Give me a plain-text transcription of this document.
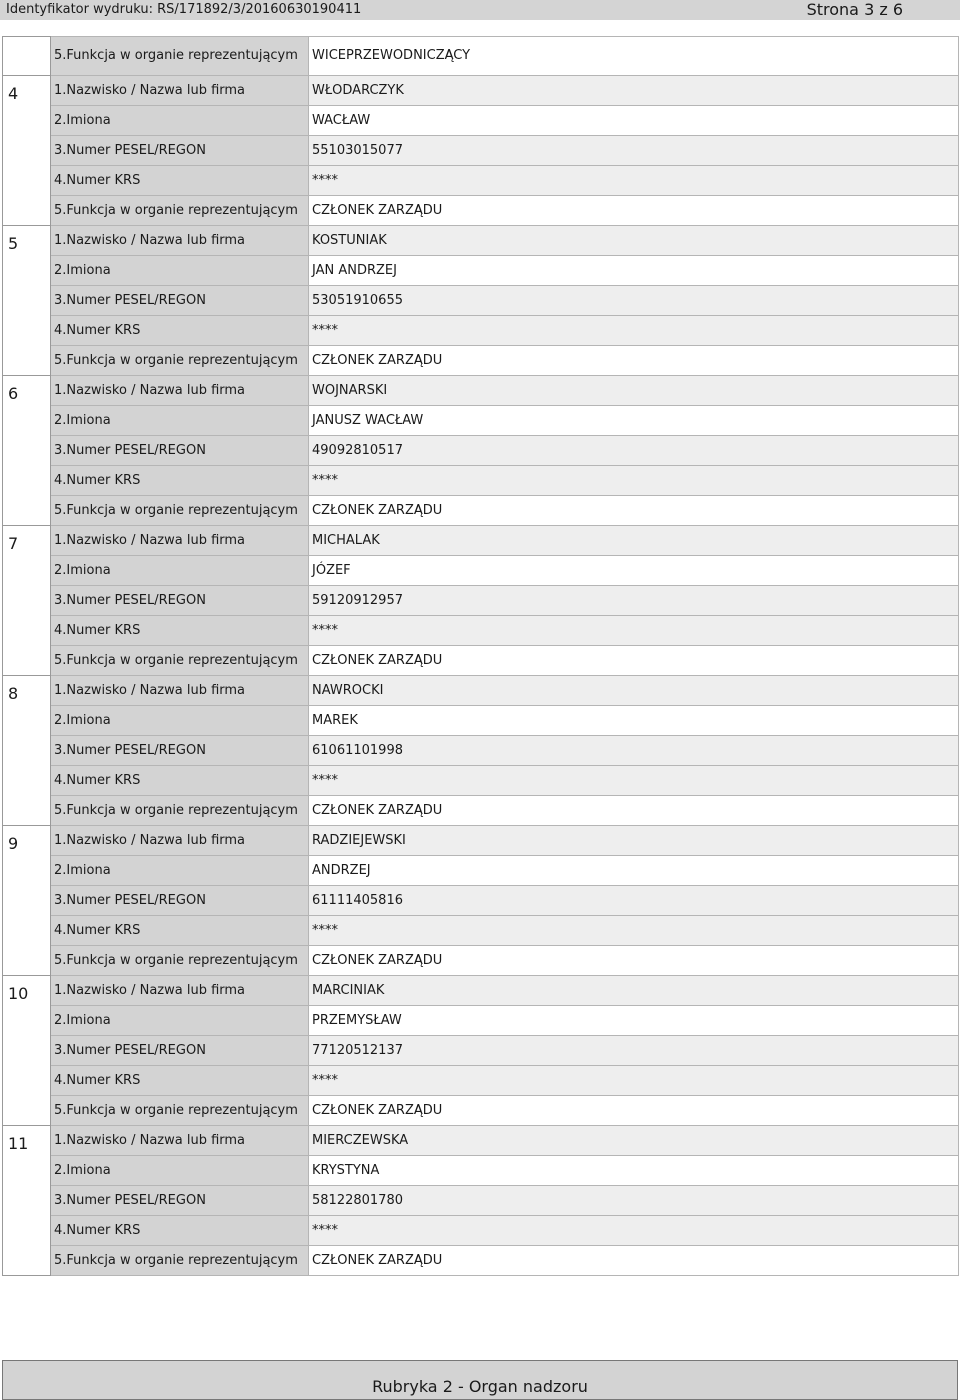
Identyfikator wydruku: RS/171892/3/20160630190411	Strona 3 z 6
	5.Funkcja w organie reprezentującym	WICEPRZEWODNICZĄCY
4	1.Nazwisko / Nazwa lub firma	WŁODARCZYK
	2.Imiona	WACŁAW
	3.Numer PESEL/REGON	55103015077
	4.Numer KRS	****
	5.Funkcja w organie reprezentującym	CZŁONEK ZARZĄDU
5	1.Nazwisko / Nazwa lub firma	KOSTUNIAK
	2.Imiona	JAN ANDRZEJ
	3.Numer PESEL/REGON	53051910655
	4.Numer KRS	****
	5.Funkcja w organie reprezentującym	CZŁONEK ZARZĄDU
6	1.Nazwisko / Nazwa lub firma	WOJNARSKI
	2.Imiona	JANUSZ WACŁAW
	3.Numer PESEL/REGON	49092810517
	4.Numer KRS	****
	5.Funkcja w organie reprezentującym	CZŁONEK ZARZĄDU
7	1.Nazwisko / Nazwa lub firma	MICHALAK
	2.Imiona	JÓZEF
	3.Numer PESEL/REGON	59120912957
	4.Numer KRS	****
	5.Funkcja w organie reprezentującym	CZŁONEK ZARZĄDU
8	1.Nazwisko / Nazwa lub firma	NAWROCKI
	2.Imiona	MAREK
	3.Numer PESEL/REGON	61061101998
	4.Numer KRS	****
	5.Funkcja w organie reprezentującym	CZŁONEK ZARZĄDU
9	1.Nazwisko / Nazwa lub firma	RADZIEJEWSKI
	2.Imiona	ANDRZEJ
	3.Numer PESEL/REGON	61111405816
	4.Numer KRS	****
	5.Funkcja w organie reprezentującym	CZŁONEK ZARZĄDU
10	1.Nazwisko / Nazwa lub firma	MARCINIAK
	2.Imiona	PRZEMYSŁAW
	3.Numer PESEL/REGON	77120512137
	4.Numer KRS	****
	5.Funkcja w organie reprezentującym	CZŁONEK ZARZĄDU
11	1.Nazwisko / Nazwa lub firma	MIERCZEWSKA
	2.Imiona	KRYSTYNA
	3.Numer PESEL/REGON	58122801780
	4.Numer KRS	****
	5.Funkcja w organie reprezentującym	CZŁONEK ZARZĄDU
Rubryka 2 - Organ nadzoru
